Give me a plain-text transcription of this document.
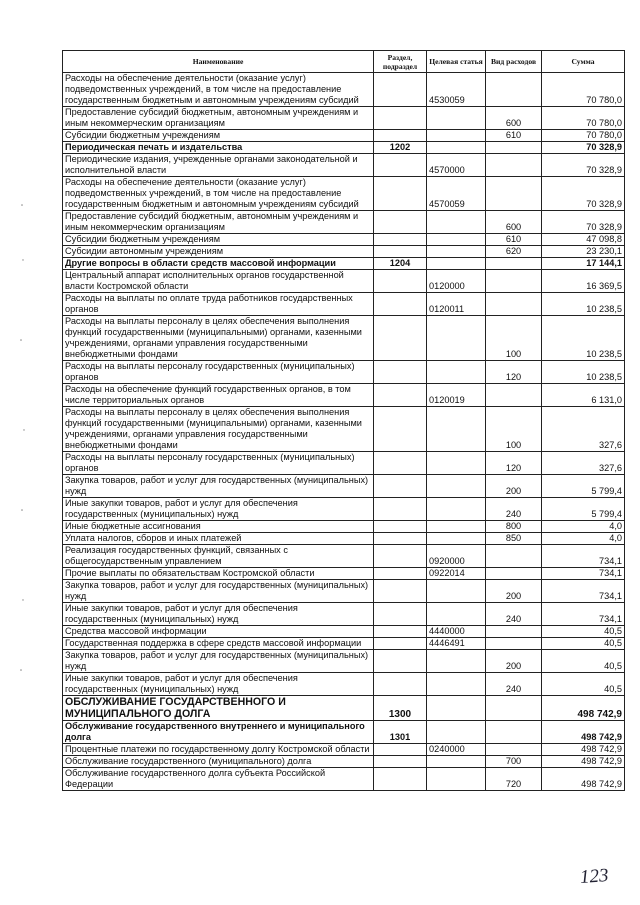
Наименование	Раздел, подраздел	Целевая статья	Вид расходов	Сумма
Расходы на обеспечение деятельности (оказание услуг) подведомственных учреждений, в том числе на предоставление государственным бюджетным и автономным учреждениям субсидий		4530059		70 780,0
Предоставление субсидий бюджетным, автономным учреждениям и иным некоммерческим организациям			600	70 780,0
Субсидии бюджетным учреждениям			610	70 780,0
Периодическая печать и издательства	1202			70 328,9
Периодические издания, учрежденные органами законодательной и исполнительной власти		4570000		70 328,9
Расходы на обеспечение деятельности (оказание услуг) подведомственных учреждений, в том числе на предоставление государственным бюджетным и автономным учреждениям субсидий		4570059		70 328,9
Предоставление субсидий бюджетным, автономным учреждениям и иным некоммерческим организациям			600	70 328,9
Субсидии бюджетным учреждениям			610	47 098,8
Субсидии автономным учреждениям			620	23 230,1
Другие вопросы в области средств массовой информации	1204			17 144,1
Центральный аппарат исполнительных органов государственной власти Костромской области		0120000		16 369,5
Расходы на выплаты по оплате труда работников государственных органов		0120011		10 238,5
Расходы на выплаты персоналу в целях обеспечения выполнения функций государственными (муниципальными) органами, казенными учреждениями, органами управления государственными внебюджетными фондами			100	10 238,5
Расходы на выплаты персоналу государственных (муниципальных) органов			120	10 238,5
Расходы на обеспечение функций государственных органов, в том числе территориальных органов		0120019		6 131,0
Расходы на выплаты персоналу в целях обеспечения выполнения функций государственными (муниципальными) органами, казенными учреждениями, органами управления государственными внебюджетными фондами			100	327,6
Расходы на выплаты персоналу государственных (муниципальных) органов			120	327,6
Закупка товаров, работ и услуг для государственных (муниципальных) нужд			200	5 799,4
Иные закупки товаров, работ и услуг для обеспечения государственных (муниципальных) нужд			240	5 799,4
Иные бюджетные ассигнования			800	4,0
Уплата налогов, сборов и иных платежей			850	4,0
Реализация государственных функций, связанных с общегосударственным управлением		0920000		734,1
Прочие выплаты по обязательствам Костромской области		0922014		734,1
Закупка товаров, работ и услуг для государственных (муниципальных) нужд			200	734,1
Иные закупки товаров, работ и услуг для обеспечения государственных (муниципальных) нужд			240	734,1
Средства массовой информации		4440000		40,5
Государственная поддержка в сфере средств массовой информации		4446491		40,5
Закупка товаров, работ и услуг для государственных (муниципальных) нужд			200	40,5
Иные закупки товаров, работ и услуг для обеспечения государственных (муниципальных) нужд			240	40,5
ОБСЛУЖИВАНИЕ ГОСУДАРСТВЕННОГО И МУНИЦИПАЛЬНОГО ДОЛГА	1300			498 742,9
Обслуживание государственного внутреннего и муниципального долга	1301			498 742,9
Процентные платежи по государственному долгу Костромской области		0240000		498 742,9
Обслуживание государственного (муниципального) долга			700	498 742,9
Обслуживание государственного долга субъекта Российской Федерации			720	498 742,9
123
